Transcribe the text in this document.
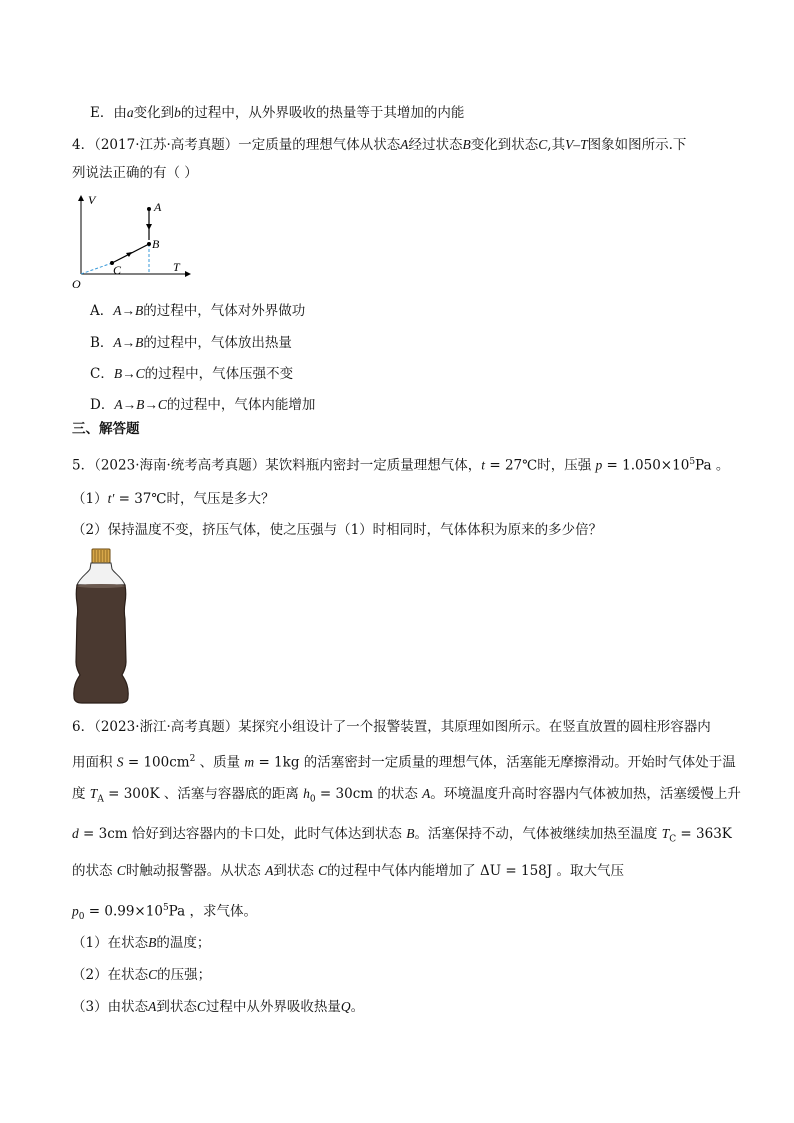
E．由a变化到b的过程中，从外界吸收的热量等于其增加的内能
4．（2017·江苏·高考真题）一定质量的理想气体从状态A经过状态B变化到状态C,其V–T图象如图所示.下
列说法正确的有（ ）
V
T
O
A
B
C
A．A→B的过程中，气体对外界做功
B．A→B的过程中，气体放出热量
C．B→C的过程中，气体压强不变
D．A→B→C的过程中，气体内能增加
三、解答题
5．（2023·海南·统考高考真题）某饮料瓶内密封一定质量理想气体，t = 27℃时，压强 $p = 1.050\times 10^5Pa$ 。
（1）t′ = 37℃时，气压是多大？
（2）保持温度不变，挤压气体，使之压强与（1）时相同时，气体体积为原来的多少倍？
6．（2023·浙江·高考真题）某探究小组设计了一个报警装置，其原理如图所示。在竖直放置的圆柱形容器内
用面积 $S = 100cm^2$ 、质量 m = 1kg 的活塞密封一定质量的理想气体，活塞能无摩擦滑动。开始时气体处于温
度 $T_A = 300K$ 、活塞与容器底的距离 $h_0 = 30cm$ 的状态 A。环境温度升高时容器内气体被加热，活塞缓慢上升
d = 3cm 恰好到达容器内的卡口处，此时气体达到状态 B。活塞保持不动，气体被继续加热至温度 $T_C = 363K$
的状态 C时触动报警器。从状态 A到状态 C的过程中气体内能增加了 ΔU = 158J 。取大气压
$p_0 = 0.99\times 10^5Pa$ ，求气体。
（1）在状态B的温度；
（2）在状态C的压强；
（3）由状态A到状态C过程中从外界吸收热量Q。
